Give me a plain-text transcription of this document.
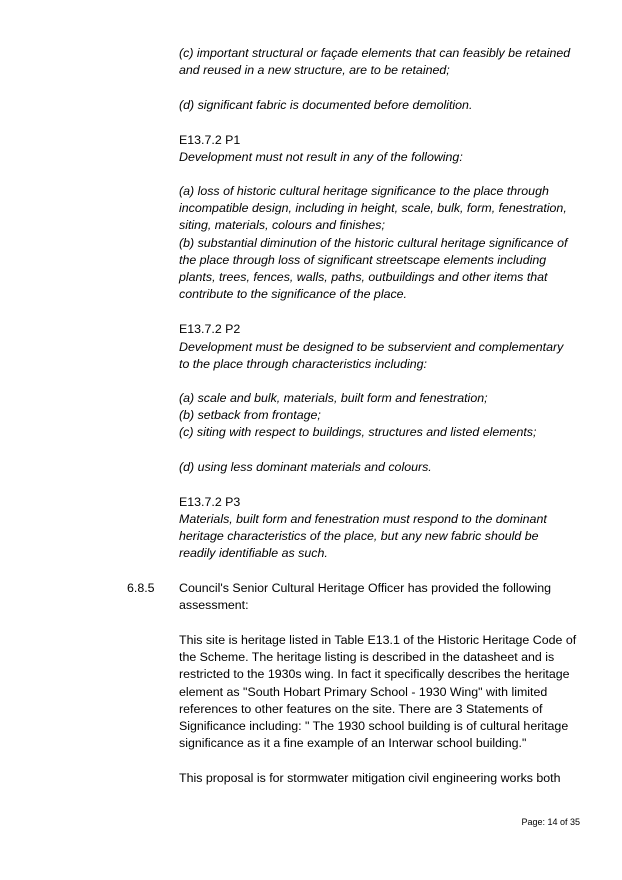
(c) important structural or façade elements that can feasibly be retained
and reused in a new structure, are to be retained;

(d) significant fabric is documented before demolition.

E13.7.2 P1

Development must not result in any of the following:

(a) loss of historic cultural heritage significance to the place through
incompatible design, including in height, scale, bulk, form, fenestration,
siting, materials, colours and finishes;
(b) substantial diminution of the historic cultural heritage significance of
the place through loss of significant streetscape elements including
plants, trees, fences, walls, paths, outbuildings and other items that
contribute to the significance of the place.

E13.7.2 P2

Development must be designed to be subservient and complementary
to the place through characteristics including:

(a) scale and bulk, materials, built form and fenestration;
(b) setback from frontage;
(c) siting with respect to buildings, structures and listed elements;

(d) using less dominant materials and colours.

E13.7.2 P3

Materials, built form and fenestration must respond to the dominant
heritage characteristics of the place, but any new fabric should be
readily identifiable as such.

6.8.5 Council's Senior Cultural Heritage Officer has provided the following
assessment:

This site is heritage listed in Table E13.1 of the Historic Heritage Code of
the Scheme. The heritage listing is described in the datasheet and is
restricted to the 1930s wing. In fact it specifically describes the heritage
element as "South Hobart Primary School - 1930 Wing" with limited
references to other features on the site. There are 3 Statements of
Significance including: " The 1930 school building is of cultural heritage
significance as it a fine example of an Interwar school building."

This proposal is for stormwater mitigation civil engineering works both

Page: 14 of 35
